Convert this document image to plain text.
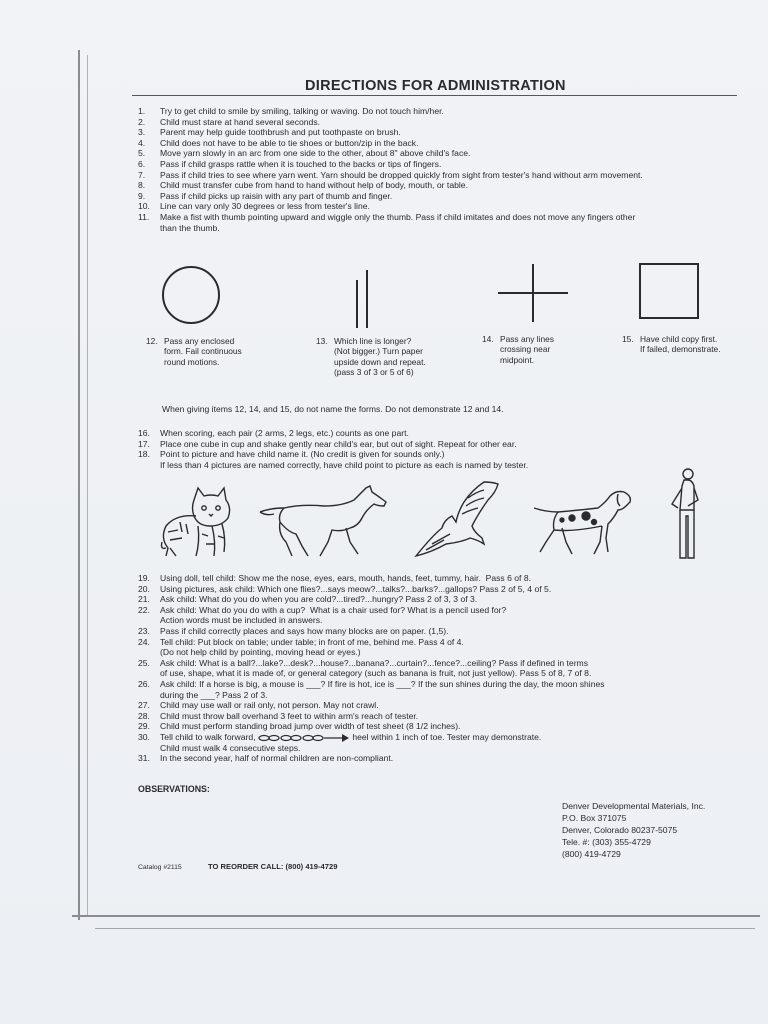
DIRECTIONS FOR ADMINISTRATION
1.	Try to get child to smile by smiling, talking or waving. Do not touch him/her.
2.	Child must stare at hand several seconds.
3.	Parent may help guide toothbrush and put toothpaste on brush.
4.	Child does not have to be able to tie shoes or button/zip in the back.
5.	Move yarn slowly in an arc from one side to the other, about 8" above child's face.
6.	Pass if child grasps rattle when it is touched to the backs or tips of fingers.
7.	Pass if child tries to see where yarn went. Yarn should be dropped quickly from sight from tester's hand without arm movement.
8.	Child must transfer cube from hand to hand without help of body, mouth, or table.
9.	Pass if child picks up raisin with any part of thumb and finger.
10.	Line can vary only 30 degrees or less from tester's line.
11.	Make a fist with thumb pointing upward and wiggle only the thumb. Pass if child imitates and does not move any fingers other
than the thumb.
12. Pass any enclosed
form. Fail continuous
round motions.
13. Which line is longer?
(Not bigger.) Turn paper
upside down and repeat.
(pass 3 of 3 or 5 of 6)
14. Pass any lines
crossing near
midpoint.
15. Have child copy first.
If failed, demonstrate.
When giving items 12, 14, and 15, do not name the forms. Do not demonstrate 12 and 14.
16.	When scoring, each pair (2 arms, 2 legs, etc.) counts as one part.
17.	Place one cube in cup and shake gently near child's ear, but out of sight. Repeat for other ear.
18.	Point to picture and have child name it. (No credit is given for sounds only.)
If less than 4 pictures are named correctly, have child point to picture as each is named by tester.
19.	Using doll, tell child: Show me the nose, eyes, ears, mouth, hands, feet, tummy, hair.  Pass 6 of 8.
20.	Using pictures, ask child: Which one flies?...says meow?...talks?...barks?...gallops? Pass 2 of 5, 4 of 5.
21.	Ask child: What do you do when you are cold?...tired?...hungry? Pass 2 of 3, 3 of 3.
22.	Ask child: What do you do with a cup?  What is a chair used for? What is a pencil used for?
Action words must be included in answers.
23.	Pass if child correctly places and says how many blocks are on paper. (1,5).
24.	Tell child: Put block on table; under table; in front of me, behind me. Pass 4 of 4.
(Do not help child by pointing, moving head or eyes.)
25.	Ask child: What is a ball?...lake?...desk?...house?...banana?...curtain?...fence?...ceiling? Pass if defined in terms
of use, shape, what it is made of, or general category (such as banana is fruit, not just yellow). Pass 5 of 8, 7 of 8.
26.	Ask child: If a horse is big, a mouse is ___? If fire is hot, ice is ___? If the sun shines during the day, the moon shines
during the ___? Pass 2 of 3.
27.	Child may use wall or rail only, not person. May not crawl.
28.	Child must throw ball overhand 3 feet to within arm's reach of tester.
29.	Child must perform standing broad jump over width of test sheet (8 1/2 inches).
30.	Tell child to walk forward,	heel within 1 inch of toe. Tester may demonstrate.
Child must walk 4 consecutive steps.
31.	In the second year, half of normal children are non-compliant.
OBSERVATIONS:
Denver Developmental Materials, Inc.
P.O. Box 371075
Denver, Colorado 80237-5075
Tele. #: (303) 355-4729
(800) 419-4729
Catalog #2115	TO REORDER CALL: (800) 419-4729
